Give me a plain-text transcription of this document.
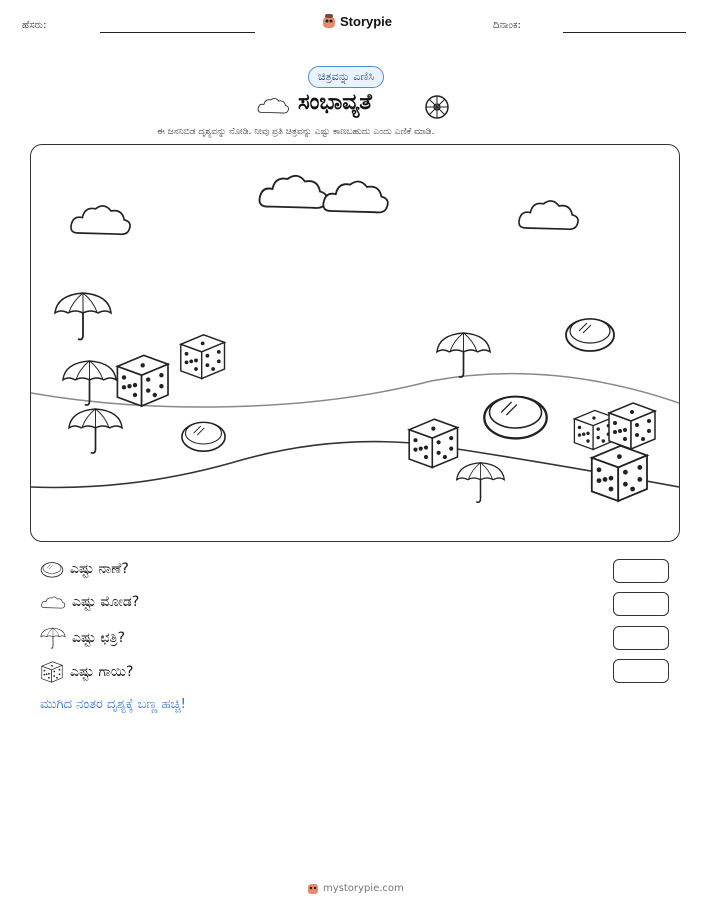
ಹೆಸರು:	Storypie	ದಿನಾಂಕ:
ಚಿತ್ರವನ್ನು ಎಣಿಸಿ
ಸಂಭಾವ್ಯತೆ
ಈ ಜನನಿಬಿಡ ದೃಶ್ಯವನ್ನು ನೋಡಿ. ನೀವು ಪ್ರತಿ ಚಿತ್ರವನ್ನು ಎಷ್ಟು ಕಾಣಬಹುದು ಎಂದು ಎಣಿಕೆ ಮಾಡಿ.
ಎಷ್ಟು ನಾಣೆ?
ಎಷ್ಟು ಮೋಡ?
ಎಷ್ಟು ಛತ್ರಿ?
ಎಷ್ಟು ಗಾಯಿ?
ಮುಗಿದ ನಂತರ ದೃಶ್ಯಕ್ಕೆ ಬಣ್ಣ ಹಚ್ಚಿ!
mystorypie.com
